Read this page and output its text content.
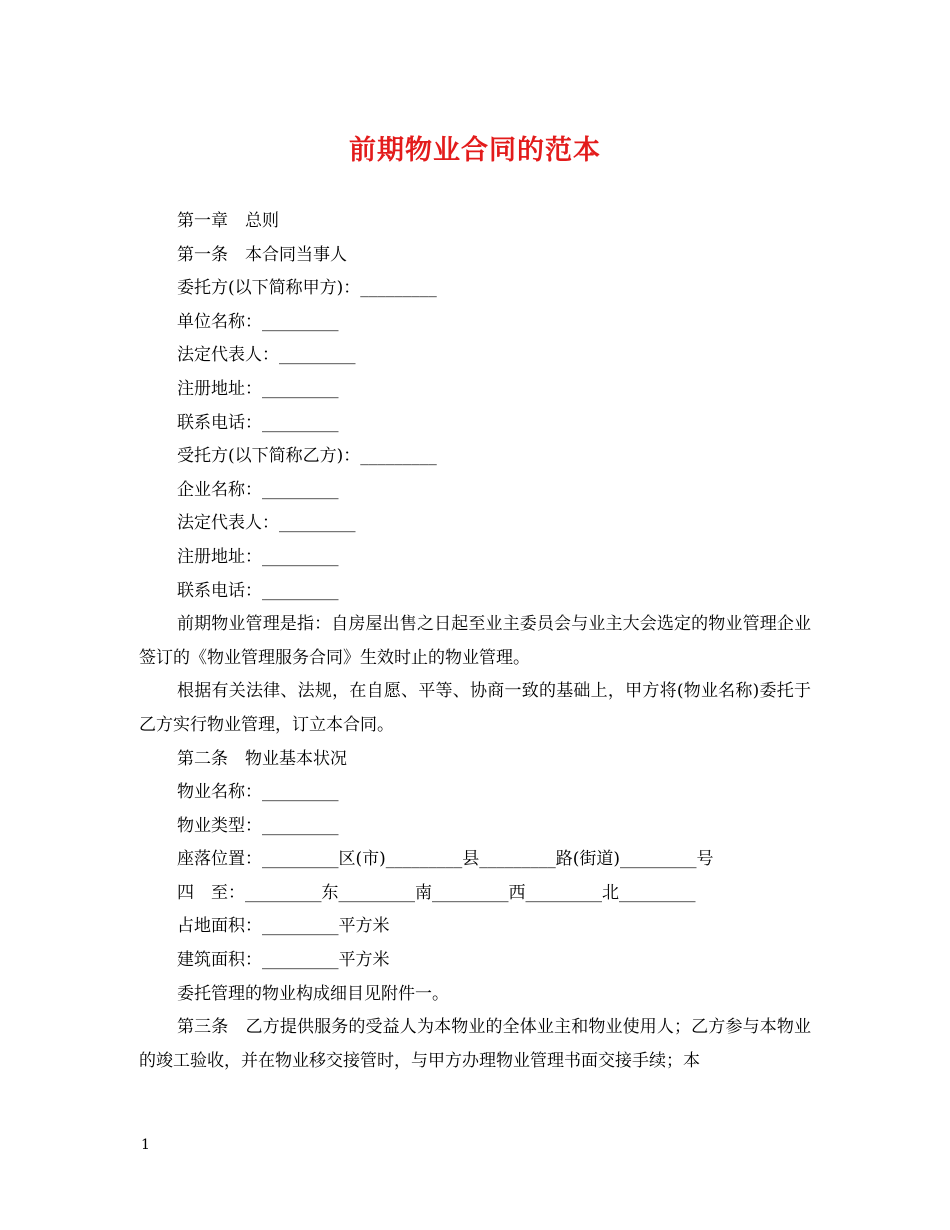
前期物业合同的范本
第一章　总则
第一条　本合同当事人
委托方(以下简称甲方)：_________
单位名称：_________
法定代表人：_________
注册地址：_________
联系电话：_________
受托方(以下简称乙方)：_________
企业名称：_________
法定代表人：_________
注册地址：_________
联系电话：_________
前期物业管理是指：自房屋出售之日起至业主委员会与业主大会选定的物业管理企业签订的《物业管理服务合同》生效时止的物业管理。
根据有关法律、法规，在自愿、平等、协商一致的基础上，甲方将(物业名称)委托于乙方实行物业管理，订立本合同。
第二条　物业基本状况
物业名称：_________
物业类型：_________
座落位置：_________区(市)_________县_________路(街道)_________号
四　至：_________东_________南_________西_________北_________
占地面积：_________平方米
建筑面积：_________平方米
委托管理的物业构成细目见附件一。
第三条　乙方提供服务的受益人为本物业的全体业主和物业使用人；乙方参与本物业的竣工验收，并在物业移交接管时，与甲方办理物业管理书面交接手续；本
1
